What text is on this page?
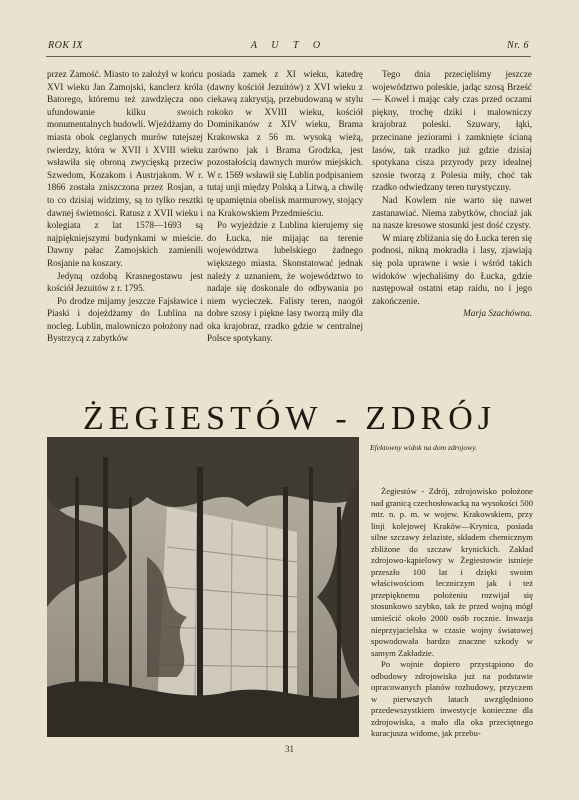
ROK IX	A U T O	Nr. 6

przez Zamość. Miasto to założył w końcu XVI wieku Jan Zamojski, kanclerz króla Batorego, któremu też zawdzięcza ono ufundowanie kilku swoich monumentalnych budowli. Wjeżdżamy do miasta obok ceglanych murów tutejszej twierdzy, która w XVII i XVIII wieku wsławiła się obroną zwycięską przeciw Szwedom, Kozakom i Austrjakom. W r. 1866 została zniszczona przez Rosjan, a to co dzisiaj widzimy, są to tylko resztki dawnej świetności. Ratusz z XVII wieku i kolegiata z lat 1578—1693 są najpiękniejszymi budynkami w mieście. Dawny pałac Zamojskich zamienili Rosjanie na koszary.

Jedyną ozdobą Krasnegostawu jest kościół Jezuitów z r. 1795.

Po drodze mijamy jeszcze Fajsławice i Piaski i dojeżdżamy do Lublina na nocleg. Lublin, malowniczo położony nad Bystrzycą z zabytków

posiada zamek z XI wieku, katedrę (dawny kościół Jezuitów) z XVI wieku z ciekawą zakrystją, przebudowaną w stylu rokoko w XVIII wieku, kościół Dominikanów z XIV wieku, Brama Krakowska z 56 m. wysoką wieżą, zarówno jak i Brama Grodzka, jest pozostałością dawnych murów miejskich. W r. 1569 wsławił się Lublin podpisaniem tutaj unji między Polską a Litwą, a chwilę tę upamiętnia obelisk marmurowy, stojący na Krakowskiem Przedmieściu.

Po wyjeździe z Lublina kierujemy się do Łucka, nie mijając na terenie województwa lubelskiego żadnego większego miasta. Skonstatować jednak należy z uznaniem, że województwo to nadaje się doskonale do odbywania po niem wycieczek. Falisty teren, naogół dobre szosy i piękne lasy tworzą miły dla oka krajobraz, rzadko gdzie w centralnej Polsce spotykany.

Tego dnia przecięliśmy jeszcze województwo poleskie, jadąc szosą Brześć — Kowel i mając cały czas przed oczami piękny, trochę dziki i malowniczy krajobraz poleski. Szuwary, łąki, przecinane jeziorami i zamknięte ścianą lasów, tak rzadko już gdzie dzisiaj spotykana cisza przyrody przy idealnej szosie tworzą z Polesia miły, choć tak rzadko odwiedzany teren turystyczny.

Nad Kowlem nie warto się nawet zastanawiać. Niema zabytków, chociaż jak na nasze kresowe stosunki jest dość czysty.

W miarę zbliżania się do Łucka teren się podnosi, nikną mokradła i lasy, zjawiają się pola uprawne i wsie i wśród takich widoków wjechaliśmy do Łucka, gdzie następował ostatni etap raidu, no i jego zakończenie.

Marja Szachówna.

ŻEGIESTÓW - ZDRÓJ
Efektowny widok na dom zdrojowy.

Żegiestów - Zdrój, zdrojowisko położone nad granicą czechosłowacką na wysokości 500 mtr. n. p. m. w wojew. Krakowskiem, przy linji kolejowej Kraków—Krynica, posiada silne szczawy żelaziste, składem chemicznym zbliżone do szczaw krynickich. Zakład zdrojowo-kąpielowy w Żegiestowie istnieje przeszło 100 lat i dzięki swoim właściwościom leczniczym jak i też przepięknemu położeniu rozwijał się stosunkowo szybko, tak że przed wojną mógł umieścić około 2000 osób rocznie. Inwazja nieprzyjacielska w czasie wojny światowej spowodowała bardzo znaczne szkody w samym Zakładzie.

Po wojnie dopiero przystąpiono do odbudowy zdrojowiska już na podstawie opracowanych planów rozbudowy, przyczem w pierwszych latach uwzględniono przedewszystkiem inwestycje konieczne dla zdrojowiska, a mało dla oka przeciętnego kuracjusza widome, jak przebu-

31
